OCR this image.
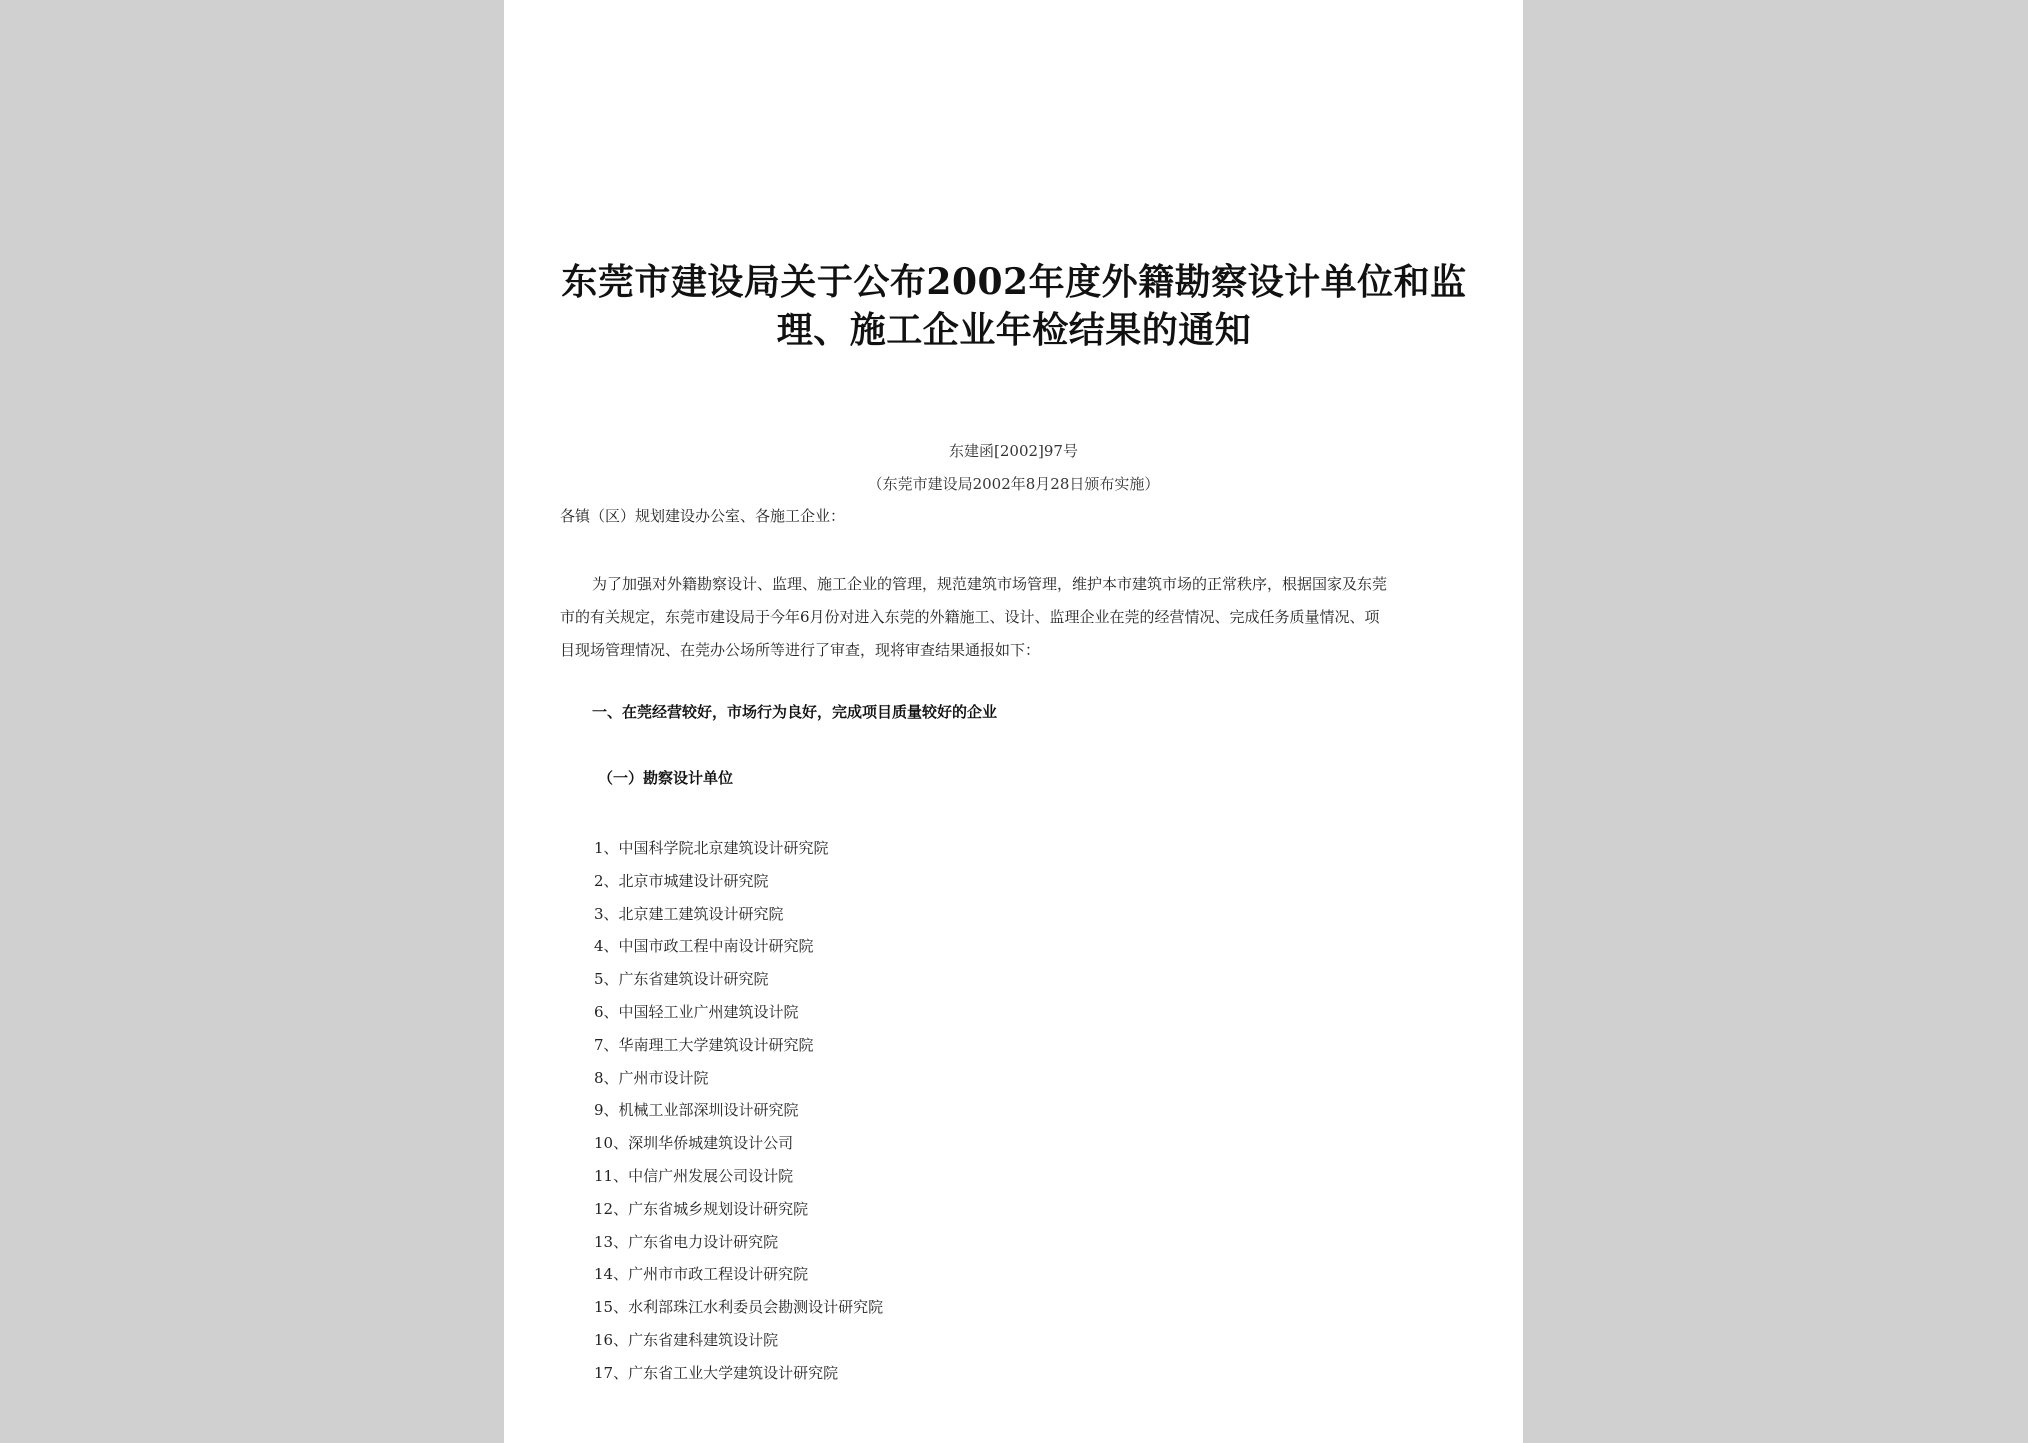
东莞市建设局关于公布2002年度外籍勘察设计单位和监
理、施工企业年检结果的通知
东建函[2002]97号
（东莞市建设局2002年8月28日颁布实施）
各镇（区）规划建设办公室、各施工企业：
为了加强对外籍勘察设计、监理、施工企业的管理，规范建筑市场管理，维护本市建筑市场的正常秩序，根据国家及东莞
市的有关规定，东莞市建设局于今年6月份对进入东莞的外籍施工、设计、监理企业在莞的经营情况、完成任务质量情况、项
目现场管理情况、在莞办公场所等进行了审查，现将审查结果通报如下：
一、在莞经营较好，市场行为良好，完成项目质量较好的企业
（一）勘察设计单位
1、中国科学院北京建筑设计研究院
2、北京市城建设计研究院
3、北京建工建筑设计研究院
4、中国市政工程中南设计研究院
5、广东省建筑设计研究院
6、中国轻工业广州建筑设计院
7、华南理工大学建筑设计研究院
8、广州市设计院
9、机械工业部深圳设计研究院
10、深圳华侨城建筑设计公司
11、中信广州发展公司设计院
12、广东省城乡规划设计研究院
13、广东省电力设计研究院
14、广州市市政工程设计研究院
15、水利部珠江水利委员会勘测设计研究院
16、广东省建科建筑设计院
17、广东省工业大学建筑设计研究院
